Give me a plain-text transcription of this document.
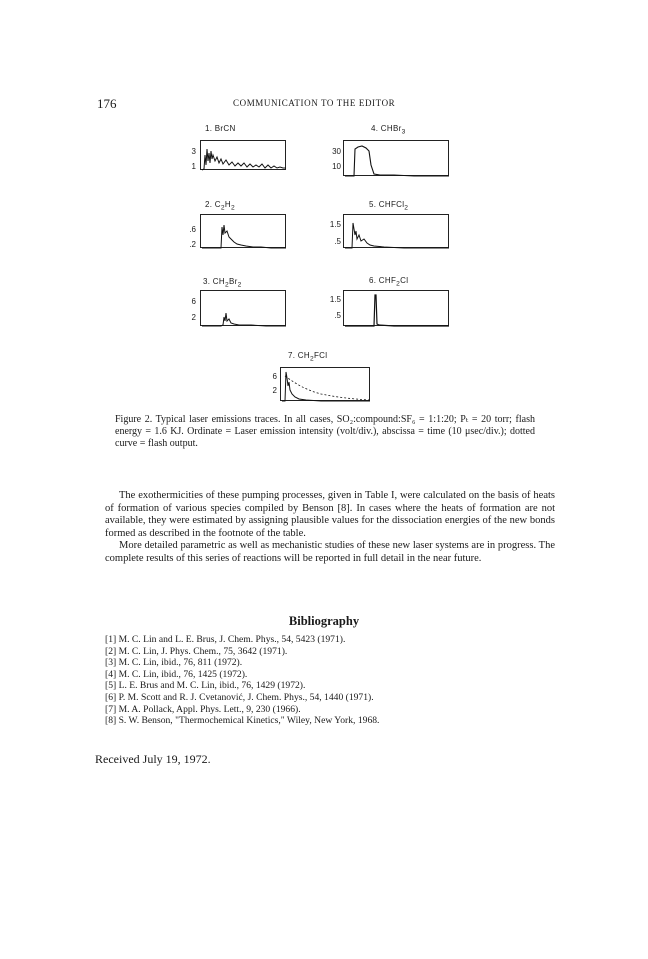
176	COMMUNICATION TO THE EDITOR
1. BrCN
3
1
4. CHBr$_3$
30
10
2. $C_2H_2$
.6
.2
5. CHFCl$_2$
1.5
.5
3. $CH_2Br_2$
6
2
6. $CHF_2Cl$
1.5
.5
7. $CH_2FCl$
6
2
Figure 2. Typical laser emissions traces. In all cases, SO₂:compound:SF₆ = 1:1:20; Pₜ = 20 torr; flash energy = 1.6 KJ. Ordinate = Laser emission intensity (volt/div.), abscissa = time (10 μsec/div.); dotted curve = flash output.

The exothermicities of these pumping processes, given in Table I, were calculated on the basis of heats of formation of various species compiled by Benson [8]. In cases where the heats of formation are not available, they were estimated by assigning plausible values for the dissociation energies of the new bonds formed as described in the footnote of the table.

More detailed parametric as well as mechanistic studies of these new laser systems are in progress. The complete results of this series of reactions will be reported in full detail in the near future.

Bibliography
[1] M. C. Lin and L. E. Brus, J. Chem. Phys., 54, 5423 (1971).
[2] M. C. Lin, J. Phys. Chem., 75, 3642 (1971).
[3] M. C. Lin, ibid., 76, 811 (1972).
[4] M. C. Lin, ibid., 76, 1425 (1972).
[5] L. E. Brus and M. C. Lin, ibid., 76, 1429 (1972).
[6] P. M. Scott and R. J. Cvetanović, J. Chem. Phys., 54, 1440 (1971).
[7] M. A. Pollack, Appl. Phys. Lett., 9, 230 (1966).
[8] S. W. Benson, "Thermochemical Kinetics," Wiley, New York, 1968.
Received July 19, 1972.
